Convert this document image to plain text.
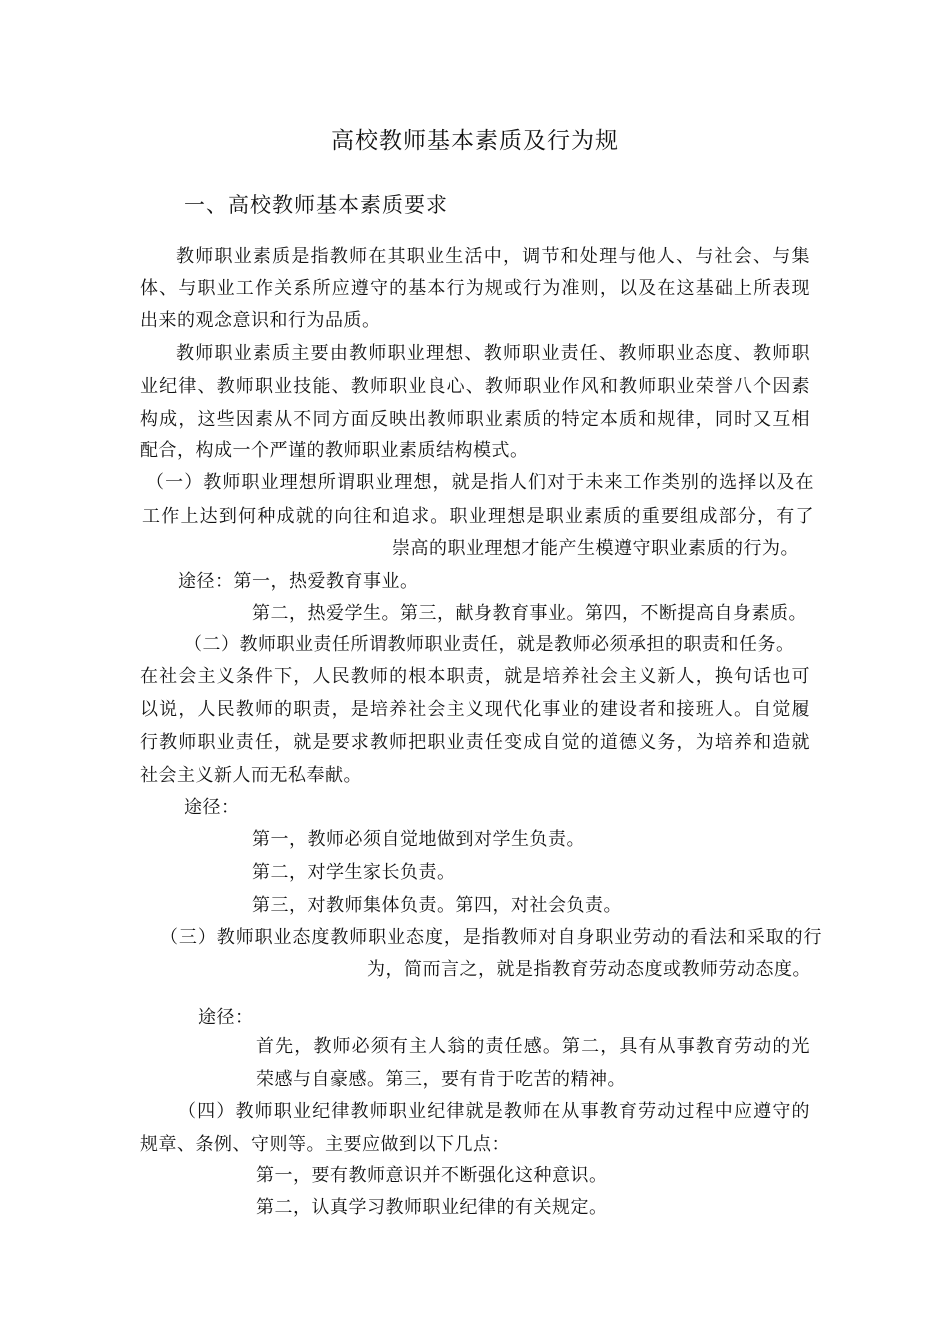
高校教师基本素质及行为规
一、高校教师基本素质要求
教师职业素质是指教师在其职业生活中，调节和处理与他人、与社会、与集
体、与职业工作关系所应遵守的基本行为规或行为准则，以及在这基础上所表现
出来的观念意识和行为品质。
教师职业素质主要由教师职业理想、教师职业责任、教师职业态度、教师职
业纪律、教师职业技能、教师职业良心、教师职业作风和教师职业荣誉八个因素
构成，这些因素从不同方面反映出教师职业素质的特定本质和规律，同时又互相
配合，构成一个严谨的教师职业素质结构模式。
（一）教师职业理想所谓职业理想，就是指人们对于未来工作类别的选择以及在
工作上达到何种成就的向往和追求。职业理想是职业素质的重要组成部分，有了
崇高的职业理想才能产生模遵守职业素质的行为。
途径：第一，热爱教育事业。
第二，热爱学生。第三，献身教育事业。第四，不断提高自身素质。
（二）教师职业责任所谓教师职业责任，就是教师必须承担的职责和任务。
在社会主义条件下，人民教师的根本职责，就是培养社会主义新人，换句话也可
以说，人民教师的职责，是培养社会主义现代化事业的建设者和接班人。自觉履
行教师职业责任，就是要求教师把职业责任变成自觉的道德义务，为培养和造就
社会主义新人而无私奉献。
途径：
第一，教师必须自觉地做到对学生负责。
第二，对学生家长负责。
第三，对教师集体负责。第四，对社会负责。
（三）教师职业态度教师职业态度，是指教师对自身职业劳动的看法和采取的行
为，简而言之，就是指教育劳动态度或教师劳动态度。
途径：
首先，教师必须有主人翁的责任感。第二，具有从事教育劳动的光
荣感与自豪感。第三，要有肯于吃苦的精神。
（四）教师职业纪律教师职业纪律就是教师在从事教育劳动过程中应遵守的
规章、条例、守则等。主要应做到以下几点：
第一，要有教师意识并不断强化这种意识。
第二，认真学习教师职业纪律的有关规定。
